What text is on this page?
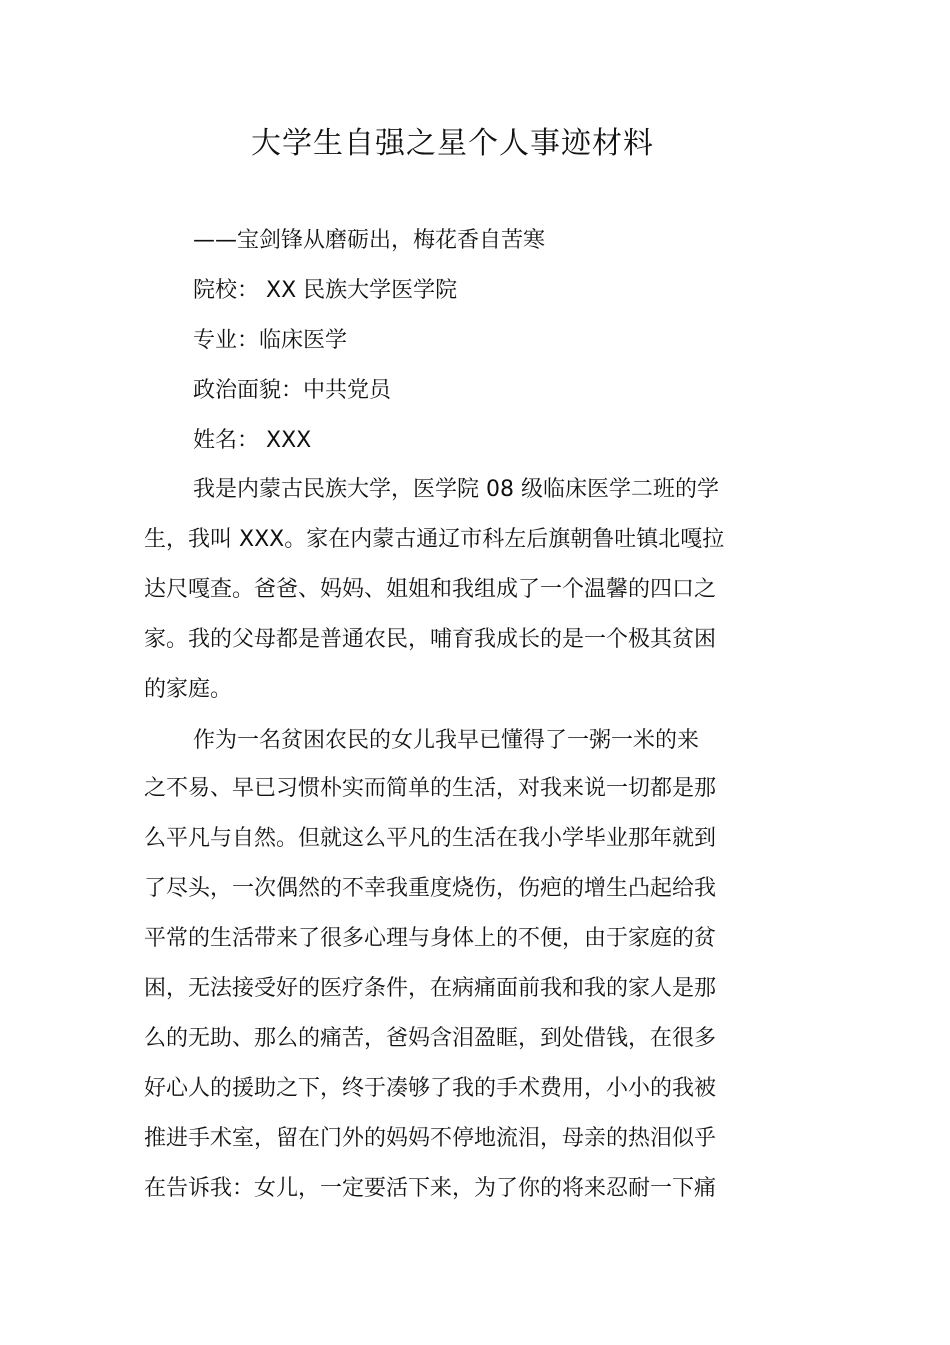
大学生自强之星个人事迹材料
——宝剑锋从磨砺出，梅花香自苦寒
院校： XX 民族大学医学院
专业：临床医学
政治面貌：中共党员
姓名： XXX
我是内蒙古民族大学，医学院 08 级临床医学二班的学
生，我叫 XXX。家在内蒙古通辽市科左后旗朝鲁吐镇北嘎拉
达尺嘎查。爸爸、妈妈、姐姐和我组成了一个温馨的四口之
家。我的父母都是普通农民，哺育我成长的是一个极其贫困
的家庭。
作为一名贫困农民的女儿我早已懂得了一粥一米的来
之不易、早已习惯朴实而简单的生活，对我来说一切都是那
么平凡与自然。但就这么平凡的生活在我小学毕业那年就到
了尽头，一次偶然的不幸我重度烧伤，伤疤的增生凸起给我
平常的生活带来了很多心理与身体上的不便，由于家庭的贫
困，无法接受好的医疗条件，在病痛面前我和我的家人是那
么的无助、那么的痛苦，爸妈含泪盈眶，到处借钱，在很多
好心人的援助之下，终于凑够了我的手术费用，小小的我被
推进手术室，留在门外的妈妈不停地流泪，母亲的热泪似乎
在告诉我：女儿，一定要活下来，为了你的将来忍耐一下痛
